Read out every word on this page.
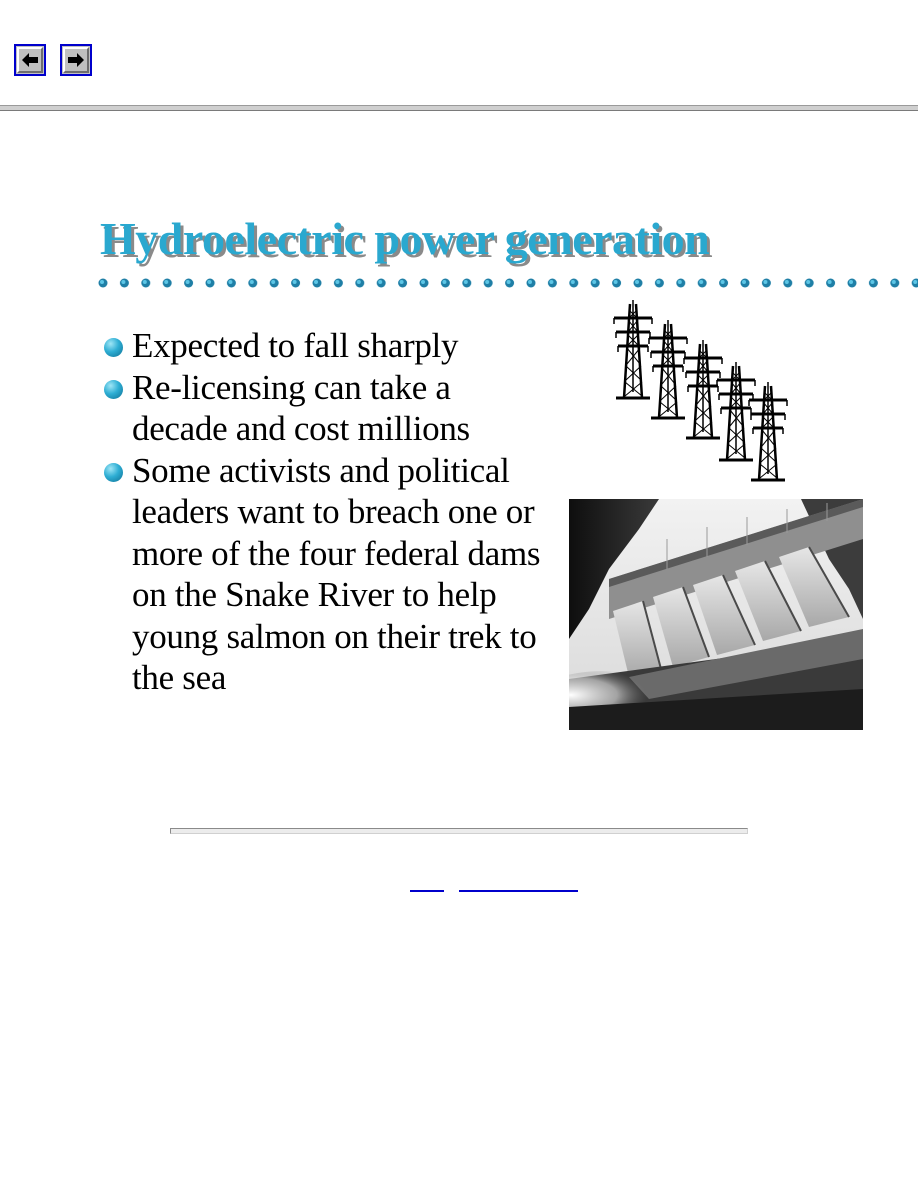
Hydroelectric power generation
Expected to fall sharply
Re-licensing can take a decade and cost millions
Some activists and political leaders want to breach one or more of the four federal dams on the Snake River to help young salmon on their trek to the sea
